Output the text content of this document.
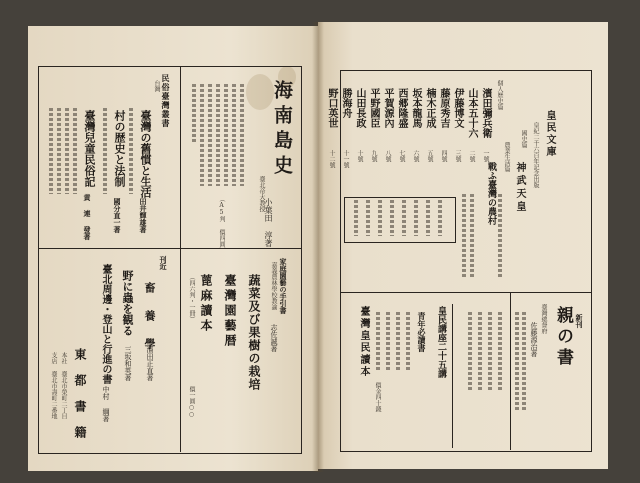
民俗臺灣叢書
台灣
臺灣の舊慣と生活
田井輝雄著
村の歴史と法制
國分直一著
臺灣兒童民俗記
黄 連 發著
海南島史
臺北帝大教授
小葉田 淳著
（A5判 價四圓）
刊近
畜 養 學
濱田正直著
野に蟲を観る
三坂和英著
臺北周邊・登山と行進の書
中村 綱著
東 都 書 籍
本社 臺北市榮町二丁目
支店 臺北市壽町二番地
家庭園藝の手引書
嘉義農林學校教諭
志佐誠著
蔬菜及び果樹の栽培
臺灣園藝暦
蓖麻讀本
（四六判・一冊）
價一圓○○
皇民文庫
皇紀二千六百年記念出版
個人歷史篇
國史篇
神武天皇
農業生活篇
戰ふ臺灣の農村
濱田彌兵衛
山本五十六
伊藤博文
藤原秀吉
楠木正成
坂本龍馬
西郷隆盛
平賀源內
平野國臣
山田長政
勝海舟
野口英世
一號
二號
三號
四號
五號
六號
七號
八號
九號
十號
十一號
十二號
新刊
親の書
臺灣總督府
佐藤源治著
皇民講座二十五講
青年必讀書
臺灣皇民讀本
價金四十錢
